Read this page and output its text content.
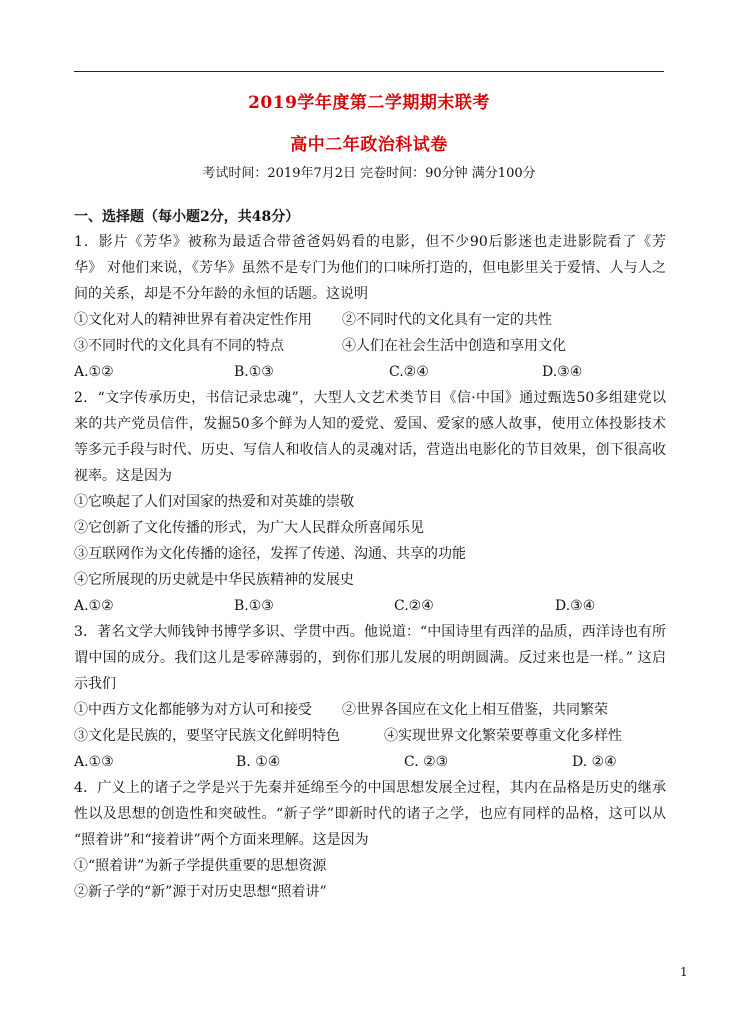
2019学年度第二学期期末联考
高中二年政治科试卷
考试时间：2019年7月2日 完卷时间：90分钟 满分100分
一、选择题（每小题2分，共48分）
1．影片《芳华》被称为最适合带爸爸妈妈看的电影，但不少90后影迷也走进影院看了《芳
华》 对他们来说，《芳华》虽然不是专门为他们的口味所打造的，但电影里关于爱情、人与人之
间的关系，却是不分年龄的永恒的话题。这说明
①文化对人的精神世界有着决定性作用	②不同时代的文化具有一定的共性
③不同时代的文化具有不同的特点	④人们在社会生活中创造和享用文化
A.①②	B.①③	C.②④	D.③④
2．“文字传承历史，书信记录忠魂”，大型人文艺术类节目《信·中国》通过甄选50多组建党以
来的共产党员信件，发掘50多个鲜为人知的爱党、爱国、爱家的感人故事，使用立体投影技术
等多元手段与时代、历史、写信人和收信人的灵魂对话，营造出电影化的节目效果，创下很高收
视率。这是因为
①它唤起了人们对国家的热爱和对英雄的崇敬
②它创新了文化传播的形式，为广大人民群众所喜闻乐见
③互联网作为文化传播的途径，发挥了传递、沟通、共享的功能
④它所展现的历史就是中华民族精神的发展史
A.①②	B.①③	C.②④	D.③④
3．著名文学大师钱钟书博学多识、学贯中西。他说道：“中国诗里有西洋的品质，西洋诗也有所
谓中国的成分。我们这儿是零碎薄弱的，到你们那儿发展的明朗圆满。反过来也是一样。” 这启
示我们
①中西方文化都能够为对方认可和接受	②世界各国应在文化上相互借鉴，共同繁荣
③文化是民族的，要坚守民族文化鲜明特色	④实现世界文化繁荣要尊重文化多样性
A.①③	B. ①④	C. ②③	D. ②④
4．广义上的诸子之学是兴于先秦并延绵至今的中国思想发展全过程，其内在品格是历史的继承
性以及思想的创造性和突破性。“新子学”即新时代的诸子之学，也应有同样的品格，这可以从
“照着讲”和“接着讲”两个方面来理解。这是因为
①“照着讲”为新子学提供重要的思想资源
②新子学的“新”源于对历史思想“照着讲”
1
